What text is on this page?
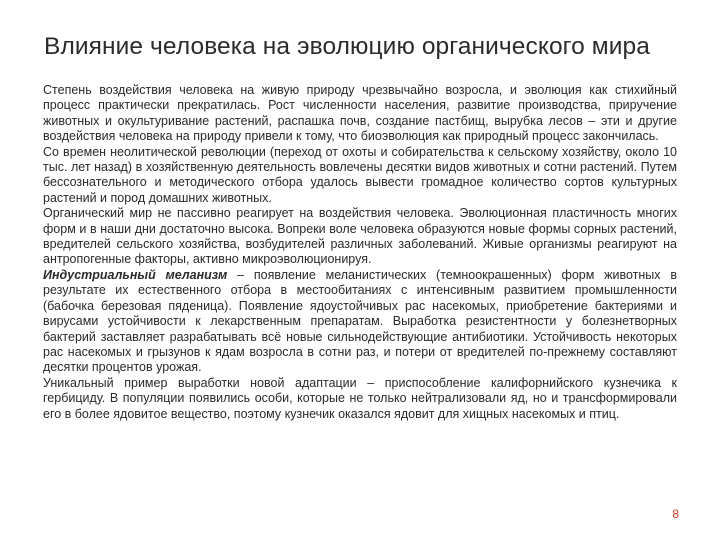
Влияние человека на эволюцию органического мира

Степень воздействия человека на живую природу чрезвычайно возросла, и эволюция как стихийный процесс практически прекратилась. Рост численности населения, развитие производства, приручение животных и окультуривание растений, распашка почв, создание пастбищ, вырубка лесов – эти и другие воздействия человека на природу привели к тому, что биоэволюция как природный процесс закончилась.

Со времен неолитической революции (переход от охоты и собирательства к сельскому хозяйству, около 10 тыс. лет назад) в хозяйственную деятельность вовлечены десятки видов животных и сотни растений. Путем бессознательного и методического отбора удалось вывести громадное количество сортов культурных растений и пород домашних животных.

Органический мир не пассивно реагирует на воздействия человека. Эволюционная пластичность многих форм и в наши дни достаточно высока. Вопреки воле человека образуются новые формы сорных растений, вредителей сельского хозяйства, возбудителей различных заболеваний. Живые организмы реагируют на антропогенные факторы, активно микроэволюционируя.

Индустриальный меланизм – появление меланистических (темноокрашенных) форм животных в результате их естественного отбора в местообитаниях с интенсивным развитием промышленности (бабочка березовая пяденица). Появление ядоустойчивых рас насекомых, приобретение бактериями и вирусами устойчивости к лекарственным препаратам. Выработка резистентности у болезнетворных бактерий заставляет разрабатывать всё новые сильнодействующие антибиотики. Устойчивость некоторых рас насекомых и грызунов к ядам возросла в сотни раз, и потери от вредителей по-прежнему составляют десятки процентов урожая.

Уникальный пример выработки новой адаптации – приспособление калифорнийского кузнечика к гербициду. В популяции появились особи, которые не только нейтрализовали яд, но и трансформировали его в более ядовитое вещество, поэтому кузнечик оказался ядовит для хищных насекомых и птиц.

8
